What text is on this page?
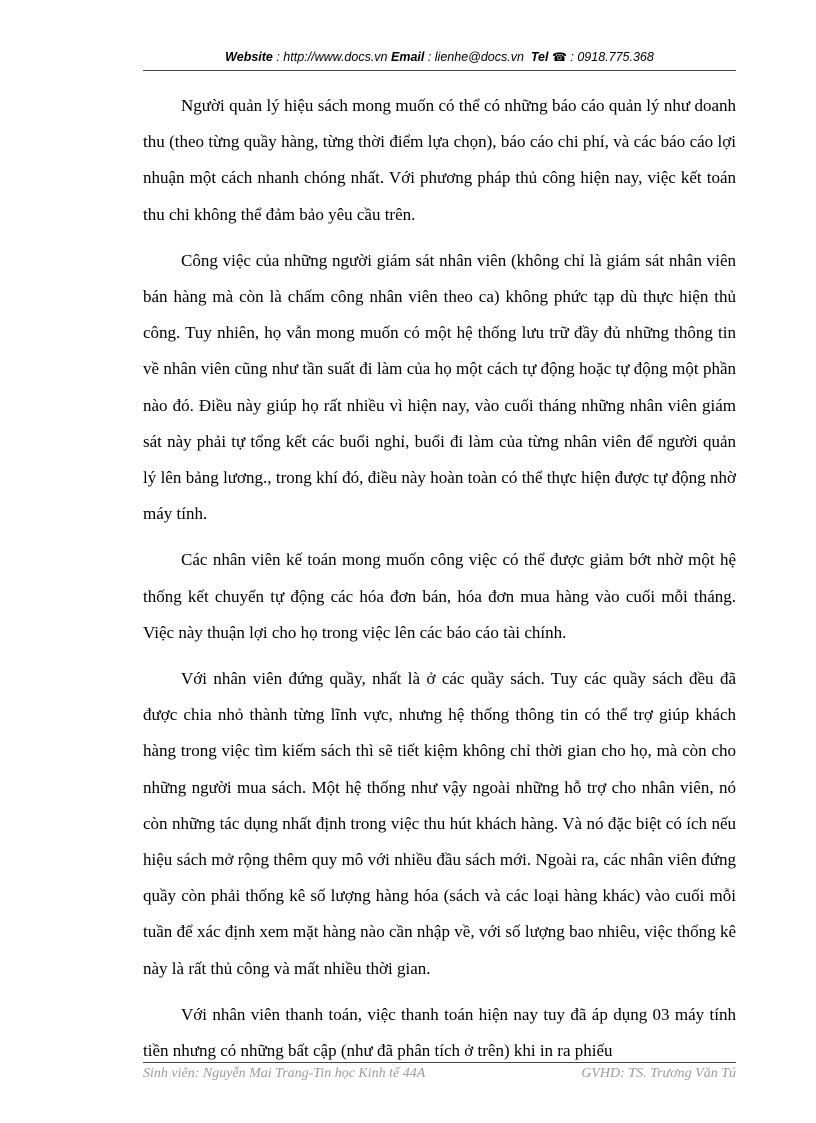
Website : http://www.docs.vn Email : lienhe@docs.vn Tel ☎ : 0918.775.368

Người quản lý hiệu sách mong muốn có thể có những báo cáo quản lý như doanh thu (theo từng quầy hàng, từng thời điểm lựa chọn), báo cáo chi phí, và các báo cáo lợi nhuận một cách nhanh chóng nhất. Với phương pháp thủ công hiện nay, việc kết toán thu chi không thể đảm bảo yêu cầu trên.

Công việc của những người giám sát nhân viên (không chỉ là giám sát nhân viên bán hàng mà còn là chấm công nhân viên theo ca) không phức tạp dù thực hiện thủ công. Tuy nhiên, họ vẫn mong muốn có một hệ thống lưu trữ đầy đủ những thông tin về nhân viên cũng như tần suất đi làm của họ một cách tự động hoặc tự động một phần nào đó. Điều này giúp họ rất nhiều vì hiện nay, vào cuối tháng những nhân viên giám sát này phải tự tổng kết các buổi nghỉ, buổi đi làm của từng nhân viên để người quản lý lên bảng lương., trong khí đó, điều này hoàn toàn có thể thực hiện được tự động nhờ máy tính.

Các nhân viên kế toán mong muốn công việc có thể được giảm bớt nhờ một hệ thống kết chuyển tự động các hóa đơn bán, hóa đơn mua hàng vào cuối mỗi tháng. Việc này thuận lợi cho họ trong việc lên các báo cáo tài chính.

Với nhân viên đứng quầy, nhất là ở các quầy sách. Tuy các quầy sách đều đã được chia nhỏ thành từng lĩnh vực, nhưng hệ thống thông tin có thể trợ giúp khách hàng trong việc tìm kiếm sách thì sẽ tiết kiệm không chỉ thời gian cho họ, mà còn cho những người mua sách. Một hệ thống như vậy ngoài những hỗ trợ cho nhân viên, nó còn những tác dụng nhất định trong việc thu hút khách hàng. Và nó đặc biệt có ích nếu hiệu sách mở rộng thêm quy mô với nhiều đầu sách mới. Ngoài ra, các nhân viên đứng quầy còn phải thống kê số lượng hàng hóa (sách và các loại hàng khác) vào cuối mỗi tuần để xác định xem mặt hàng nào cần nhập về, với số lượng bao nhiêu, việc thống kê này là rất thủ công và mất nhiều thời gian.

Với nhân viên thanh toán, việc thanh toán hiện nay tuy đã áp dụng 03 máy tính tiền nhưng có những bất cập (như đã phân tích ở trên) khi in ra phiếu

Sinh viên: Nguyễn Mai Trang-Tin học Kinh tế 44A	GVHD: TS. Trương Văn Tú
